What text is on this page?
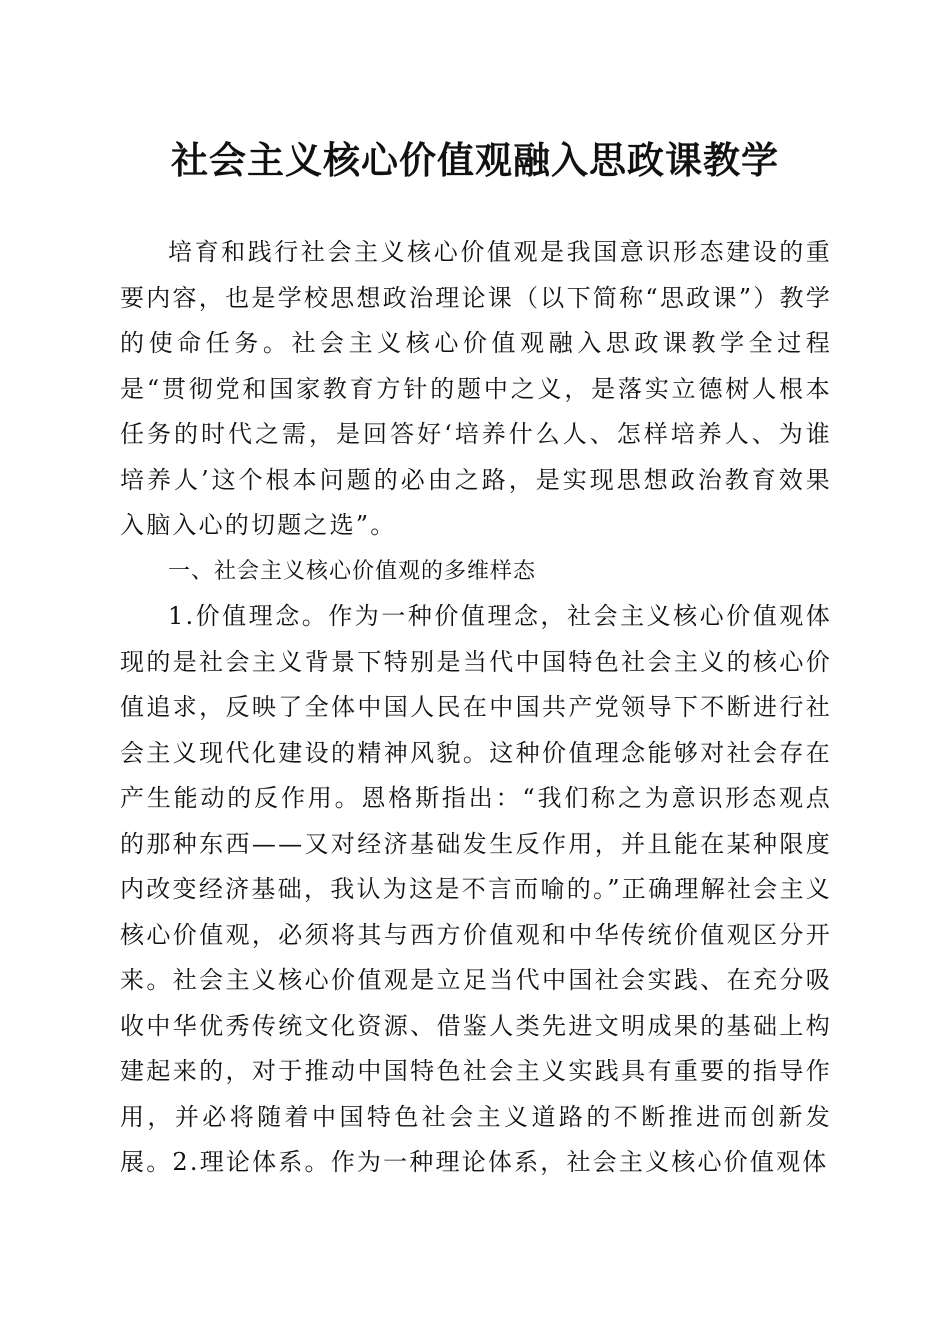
社会主义核心价值观融入思政课教学

培育和践行社会主义核心价值观是我国意识形态建设的重要内容，也是学校思想政治理论课（以下简称“思政课”）教学的使命任务。社会主义核心价值观融入思政课教学全过程是“贯彻党和国家教育方针的题中之义，是落实立德树人根本任务的时代之需，是回答好‘培养什么人、怎样培养人、为谁培养人’这个根本问题的必由之路，是实现思想政治教育效果入脑入心的切题之选”。

一、社会主义核心价值观的多维样态

1.价值理念。作为一种价值理念，社会主义核心价值观体现的是社会主义背景下特别是当代中国特色社会主义的核心价值追求，反映了全体中国人民在中国共产党领导下不断进行社会主义现代化建设的精神风貌。这种价值理念能够对社会存在产生能动的反作用。恩格斯指出：“我们称之为意识形态观点的那种东西——又对经济基础发生反作用，并且能在某种限度内改变经济基础，我认为这是不言而喻的。”正确理解社会主义核心价值观，必须将其与西方价值观和中华传统价值观区分开来。社会主义核心价值观是立足当代中国社会实践、在充分吸收中华优秀传统文化资源、借鉴人类先进文明成果的基础上构建起来的，对于推动中国特色社会主义实践具有重要的指导作用，并必将随着中国特色社会主义道路的不断推进而创新发展。2.理论体系。作为一种理论体系，社会主义核心价值观体
